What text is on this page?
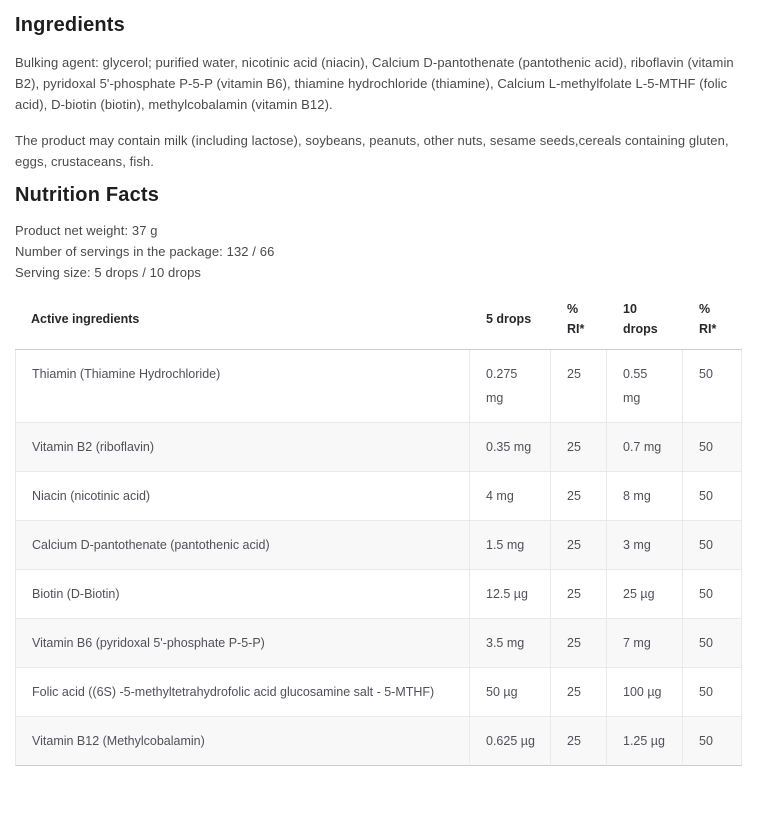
Ingredients

Bulking agent: glycerol; purified water, nicotinic acid (niacin), Calcium D-pantothenate (pantothenic acid), riboflavin (vitamin B2), pyridoxal 5'-phosphate P-5-P (vitamin B6), thiamine hydrochloride (thiamine), Calcium L-methylfolate L-5-MTHF (folic acid), D-biotin (biotin), methylcobalamin (vitamin B12).

The product may contain milk (including lactose), soybeans, peanuts, other nuts, sesame seeds,cereals containing gluten, eggs, crustaceans, fish.

Nutrition Facts

Product net weight: 37 g

Number of servings in the package: 132 / 66

Serving size: 5 drops / 10 drops

Active ingredients	5 drops	% RI*	10 drops	% RI*
Thiamin (Thiamine Hydrochloride)	0.275 mg	25	0.55 mg	50
Vitamin B2 (riboflavin)	0.35 mg	25	0.7 mg	50
Niacin (nicotinic acid)	4 mg	25	8 mg	50
Calcium D-pantothenate (pantothenic acid)	1.5 mg	25	3 mg	50
Biotin (D-Biotin)	12.5 µg	25	25 µg	50
Vitamin B6 (pyridoxal 5'-phosphate P-5-P)	3.5 mg	25	7 mg	50
Folic acid ((6S) -5-methyltetrahydrofolic acid glucosamine salt - 5-MTHF)	50 µg	25	100 µg	50
Vitamin B12 (Methylcobalamin)	0.625 µg	25	1.25 µg	50
